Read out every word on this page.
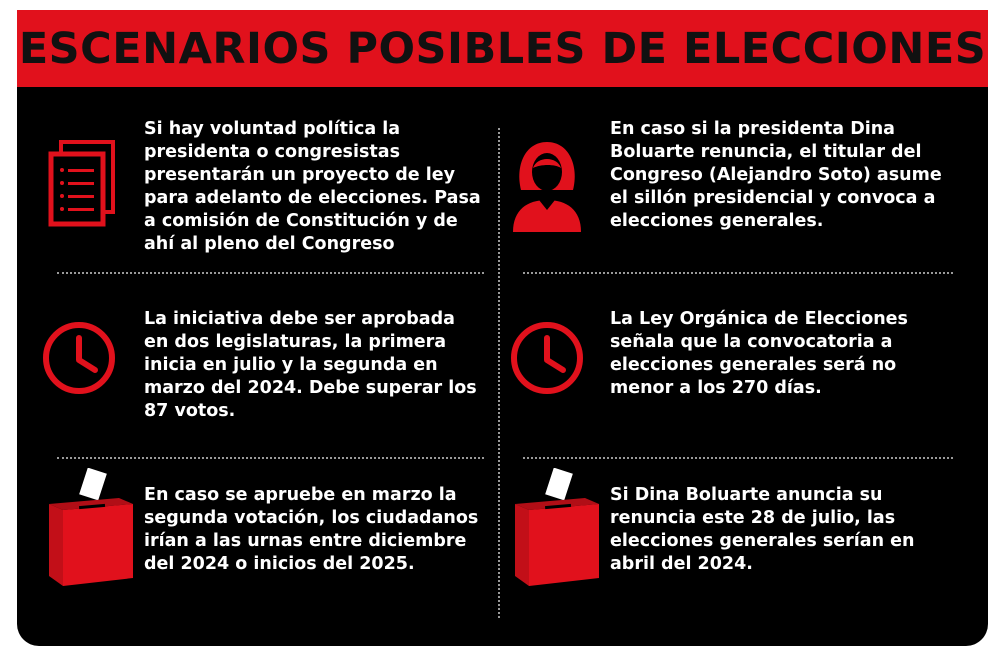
ESCENARIOS POSIBLES DE ELECCIONES

Si hay voluntad política la presidenta o congresistas presentarán un proyecto de ley para adelanto de elecciones. Pasa a comisión de Constitución y de ahí al pleno del Congreso

La iniciativa debe ser aprobada en dos legislaturas, la primera inicia en julio y la segunda en marzo del 2024. Debe superar los 87 votos.

En caso se apruebe en marzo la segunda votación, los ciudadanos irían a las urnas entre diciembre del 2024 o inicios del 2025.

En caso si la presidenta Dina Boluarte renuncia, el titular del Congreso (Alejandro Soto) asume el sillón presidencial y convoca a elecciones generales.

La Ley Orgánica de Elecciones señala que la convocatoria a elecciones generales será no menor a los 270 días.

Si Dina Boluarte anuncia su renuncia este 28 de julio, las elecciones generales serían en abril del 2024.
